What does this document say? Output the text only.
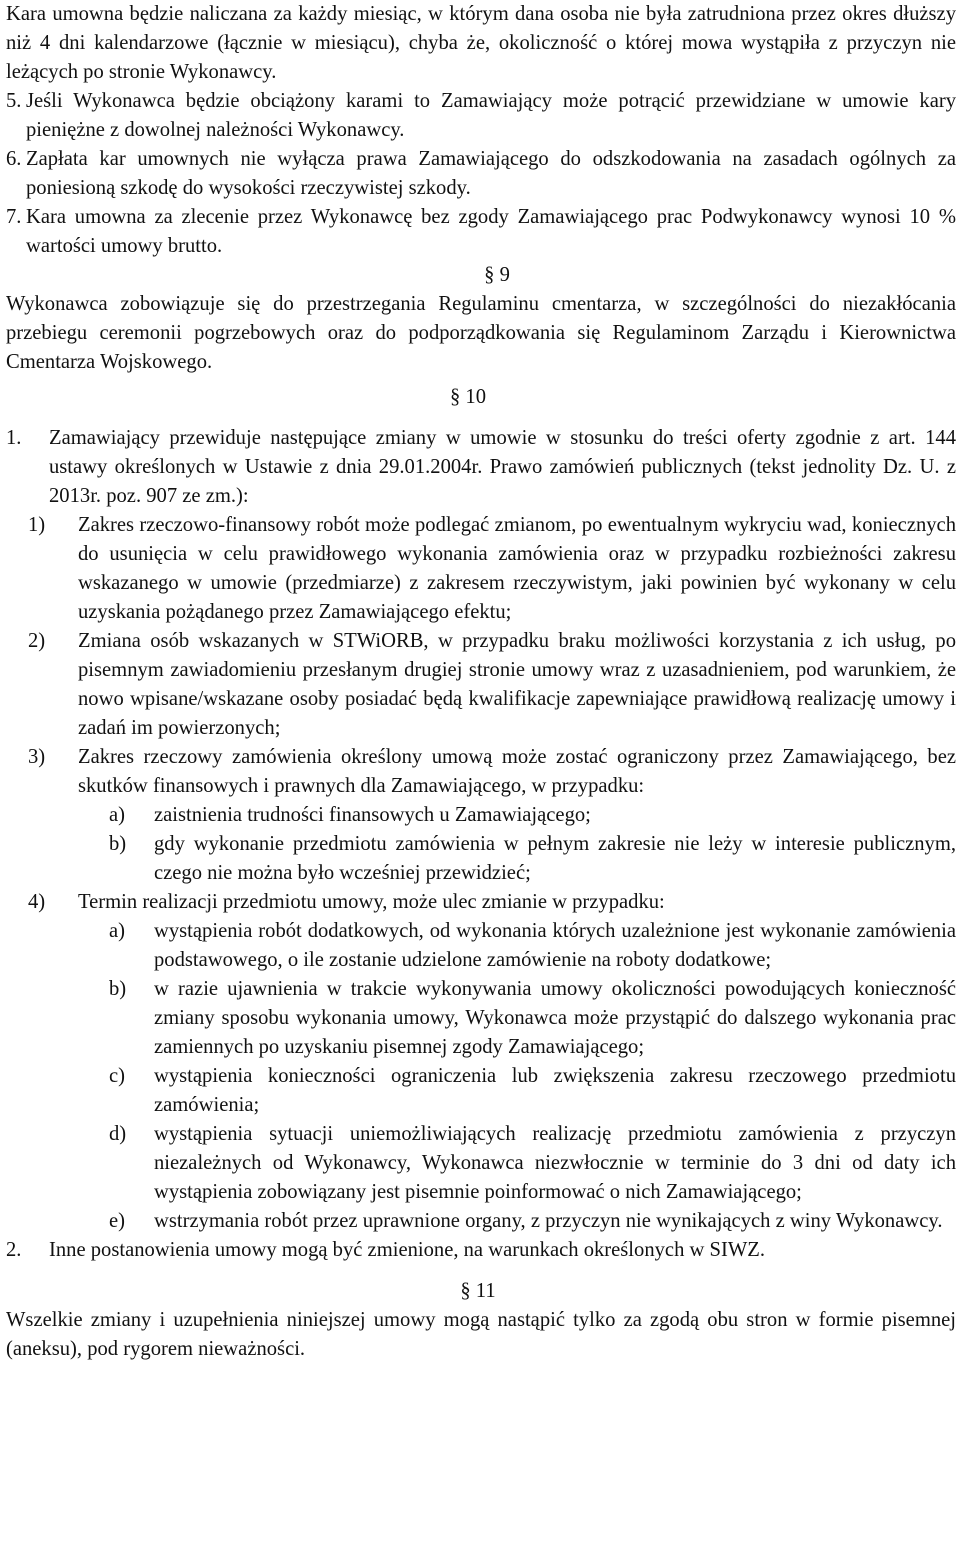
Kara umowna będzie naliczana za każdy miesiąc, w którym dana osoba nie była zatrudniona przez okres dłuższy niż 4 dni kalendarzowe (łącznie w miesiącu), chyba że, okoliczność o której mowa wystąpiła z przyczyn nie leżących po stronie Wykonawcy.

5. Jeśli Wykonawca będzie obciążony karami to Zamawiający może potrącić przewidziane w umowie kary pieniężne z dowolnej należności Wykonawcy.
6. Zapłata kar umownych nie wyłącza prawa Zamawiającego do odszkodowania na zasadach ogólnych za poniesioną szkodę do wysokości rzeczywistej szkody.
7. Kara umowna za zlecenie przez Wykonawcę bez zgody Zamawiającego prac Podwykonawcy wynosi 10 % wartości umowy brutto.

§ 9

Wykonawca zobowiązuje się do przestrzegania Regulaminu cmentarza, w szczególności do niezakłócania przebiegu ceremonii pogrzebowych oraz do podporządkowania się Regulaminom Zarządu i Kierownictwa Cmentarza Wojskowego.

§ 10

1.	Zamawiający przewiduje następujące zmiany w umowie w stosunku do treści oferty zgodnie z art. 144 ustawy określonych w Ustawie z dnia 29.01.2004r. Prawo zamówień publicznych (tekst jednolity Dz. U. z 2013r. poz. 907 ze zm.):
1)	Zakres rzeczowo-finansowy robót może podlegać zmianom, po ewentualnym wykryciu wad, koniecznych do usunięcia w celu prawidłowego wykonania zamówienia oraz w przypadku rozbieżności zakresu wskazanego w umowie (przedmiarze) z zakresem rzeczywistym, jaki powinien być wykonany w celu uzyskania pożądanego przez Zamawiającego efektu;
2)	Zmiana osób wskazanych w STWiORB, w przypadku braku możliwości korzystania z ich usług, po pisemnym zawiadomieniu przesłanym drugiej stronie umowy wraz z uzasadnieniem, pod warunkiem, że nowo wpisane/wskazane osoby posiadać będą kwalifikacje zapewniające prawidłową realizację umowy i zadań im powierzonych;
3)	Zakres rzeczowy zamówienia określony umową może zostać ograniczony przez Zamawiającego, bez skutków finansowych i prawnych dla Zamawiającego, w przypadku:
a)	zaistnienia trudności finansowych u Zamawiającego;
b)	gdy wykonanie przedmiotu zamówienia w pełnym zakresie nie leży w interesie publicznym, czego nie można było wcześniej przewidzieć;
4)	Termin realizacji przedmiotu umowy, może ulec zmianie w przypadku:
a)	wystąpienia robót dodatkowych, od wykonania których uzależnione jest wykonanie zamówienia podstawowego, o ile zostanie udzielone zamówienie na roboty dodatkowe;
b)	w razie ujawnienia w trakcie wykonywania umowy okoliczności powodujących konieczność zmiany sposobu wykonania umowy, Wykonawca może przystąpić do dalszego wykonania prac zamiennych po uzyskaniu pisemnej zgody Zamawiającego;
c)	wystąpienia konieczności ograniczenia lub zwiększenia zakresu rzeczowego przedmiotu zamówienia;
d)	wystąpienia sytuacji uniemożliwiających realizację przedmiotu zamówienia z przyczyn niezależnych od Wykonawcy, Wykonawca niezwłocznie w terminie do 3 dni od daty ich wystąpienia zobowiązany jest pisemnie poinformować o nich Zamawiającego;
e)	wstrzymania robót przez uprawnione organy, z przyczyn nie wynikających z winy Wykonawcy.
2.	Inne postanowienia umowy mogą być zmienione, na warunkach określonych w SIWZ.

§ 11

Wszelkie zmiany i uzupełnienia niniejszej umowy mogą nastąpić tylko za zgodą obu stron w formie pisemnej (aneksu), pod rygorem nieważności.
